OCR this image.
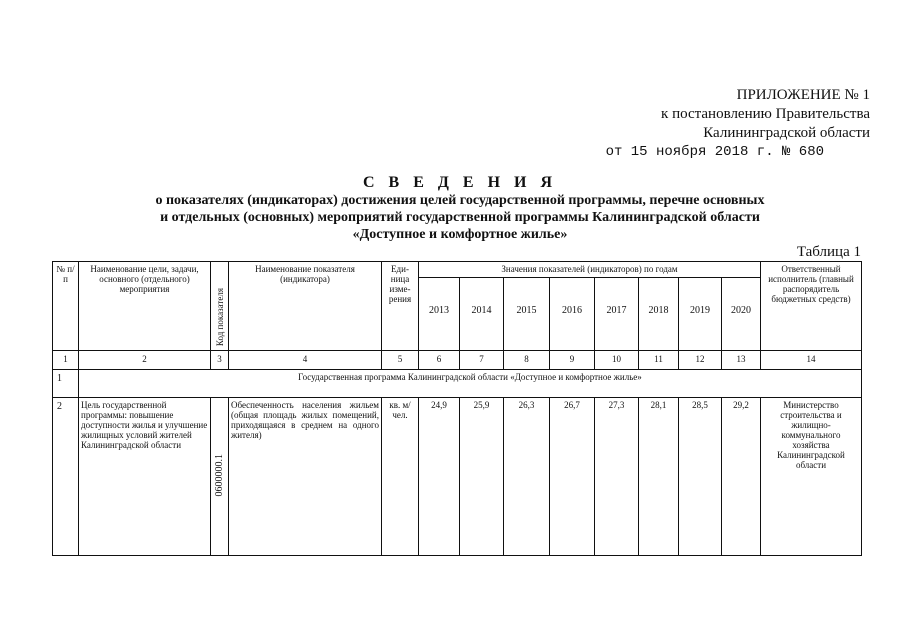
ПРИЛОЖЕНИЕ № 1
к постановлению Правительства
Калининградской области
от 15 ноября 2018 г. № 680
С В Е Д Е Н И Я
о показателях (индикаторах) достижения целей государственной программы, перечне основных
и отдельных (основных) мероприятий государственной программы Калининградской области
«Доступное и комфортное жилье»
Таблица 1
№ п/п	Наименование цели, задачи, основного (отдельного) мероприятия	Код показателя	Наименование показателя (индикатора)	Еди-ница изме-рения	Значения показателей (индикаторов) по годам								Ответственный исполнитель (главный распорядитель бюджетных средств)
					2013	2014	2015	2016	2017	2018	2019	2020	
1	2	3	4	5	6	7	8	9	10	11	12	13	14
1	Государственная программа Калининградской области «Доступное и комфортное жилье»												
2	Цель государственной программы: повышение доступности жилья и улучшение жилищных условий жителей Калининградской области	0600000.1	Обеспеченность населения жильем (общая площадь жилых помещений, приходящаяся в среднем на одного жителя)	кв. м/чел.	24,9	25,9	26,3	26,7	27,3	28,1	28,5	29,2	Министерство строительства и жилищно-коммунального хозяйства Калининградской области
